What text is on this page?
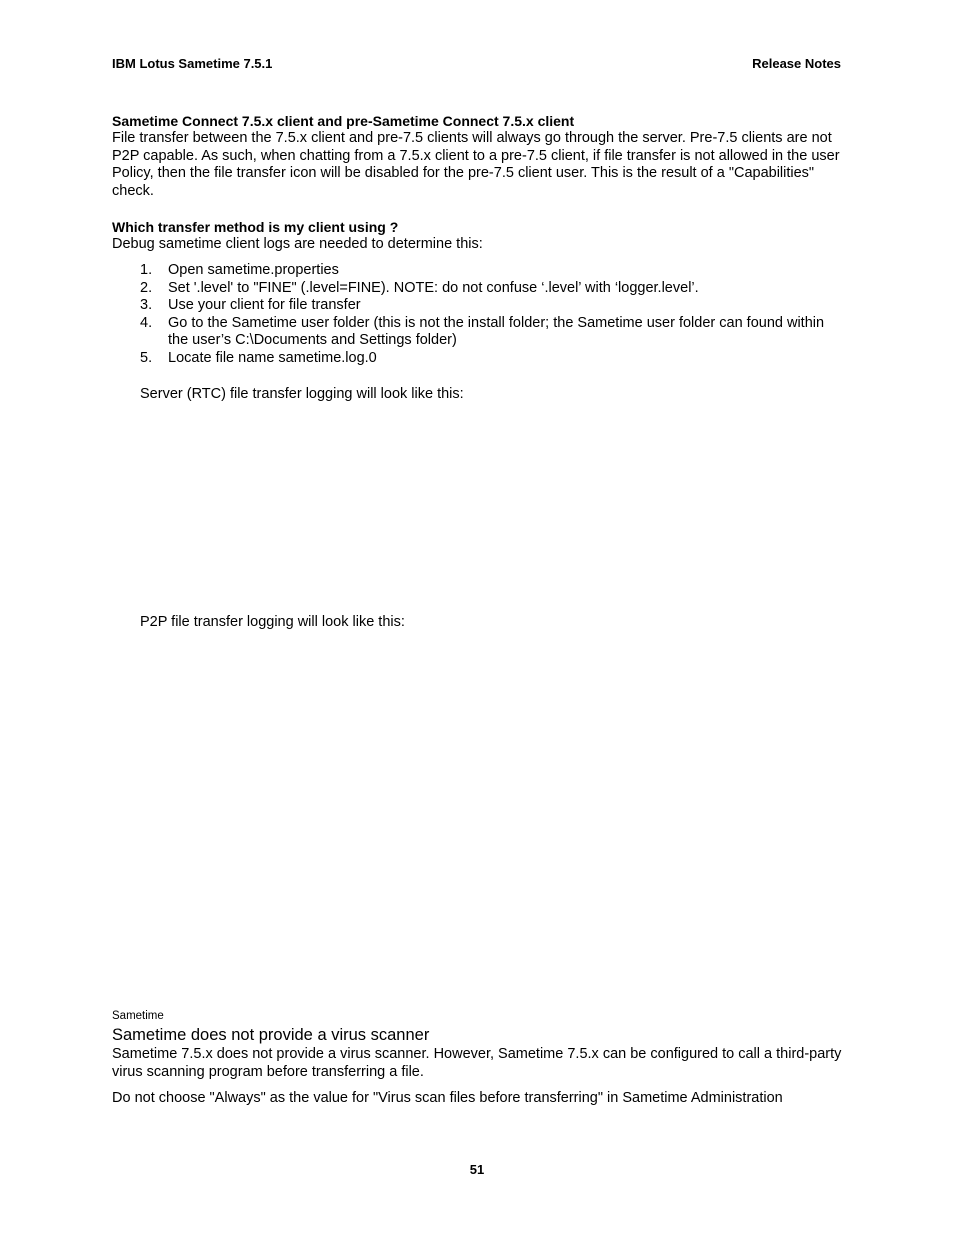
IBM Lotus Sametime 7.5.1	Release Notes
Sametime Connect 7.5.x client and pre-Sametime Connect 7.5.x client
File transfer between the 7.5.x client and pre-7.5 clients will always go through the server. Pre-7.5 clients are not P2P capable. As such, when chatting from a 7.5.x client to a pre-7.5 client, if file transfer is not allowed in the user Policy, then the file transfer icon will be disabled for the pre-7.5 client user. This is the result of a "Capabilities" check.
Which transfer method is my client using ?
Debug sametime client logs are needed to determine this:
1.	Open sametime.properties
2.	Set '.level' to "FINE" (.level=FINE). NOTE: do not confuse ‘.level’ with ‘logger.level’.
3.	Use your client for file transfer
4.	Go to the Sametime user folder (this is not the install folder; the Sametime user folder can found within the user’s C:\Documents and Settings folder)
5.	Locate file name sametime.log.0
Server (RTC) file transfer logging will look like this:
P2P file transfer logging will look like this:
Sametime
Sametime does not provide a virus scanner
Sametime 7.5.x does not provide a virus scanner. However, Sametime 7.5.x can be configured to call a third-party virus scanning program before transferring a file.
Do not choose "Always" as the value for "Virus scan files before transferring" in Sametime Administration
51
